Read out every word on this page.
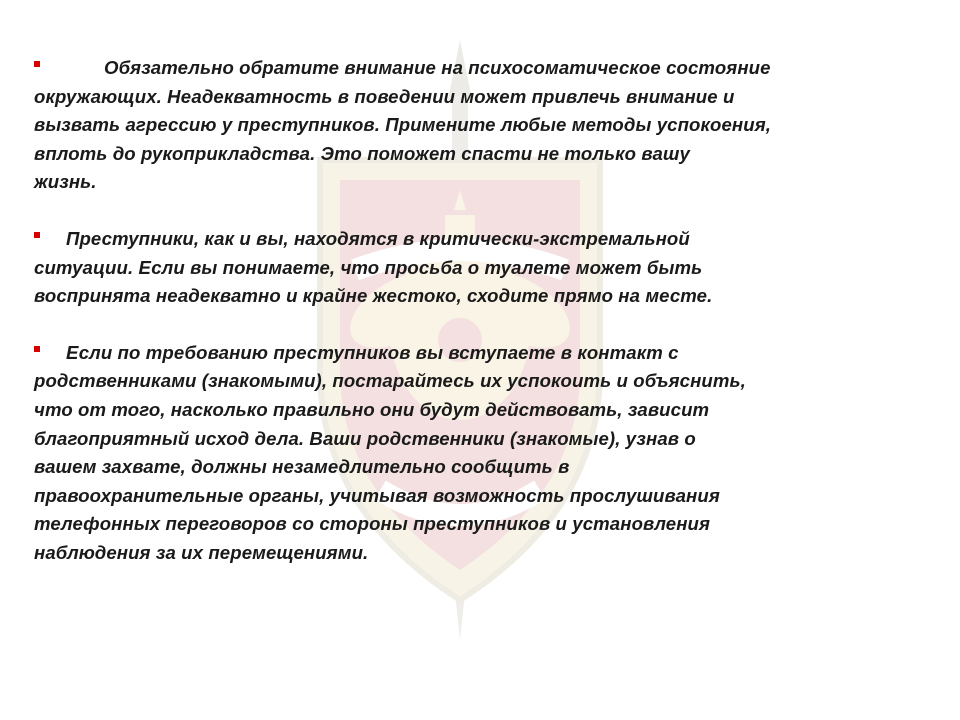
Обязательно обратите внимание на психосоматическое состояние
окружающих. Неадекватность в поведении может привлечь внимание и
вызвать агрессию у преступников. Примените любые методы успокоения,
вплоть до рукоприкладства. Это поможет спасти не только вашу
жизнь.
Преступники, как и вы, находятся в критически-экстремальной
ситуации. Если вы понимаете, что просьба о туалете может быть
воспринята неадекватно и крайне жестоко, сходите прямо на месте.
Если по требованию преступников вы вступаете в контакт с
родственниками (знакомыми), постарайтесь их успокоить и объяснить,
что от того, насколько правильно они будут действовать, зависит
благоприятный исход дела. Ваши родственники (знакомые), узнав о
вашем захвате, должны незамедлительно сообщить в
правоохранительные органы, учитывая возможность прослушивания
телефонных переговоров со стороны преступников и установления
наблюдения за их перемещениями.
